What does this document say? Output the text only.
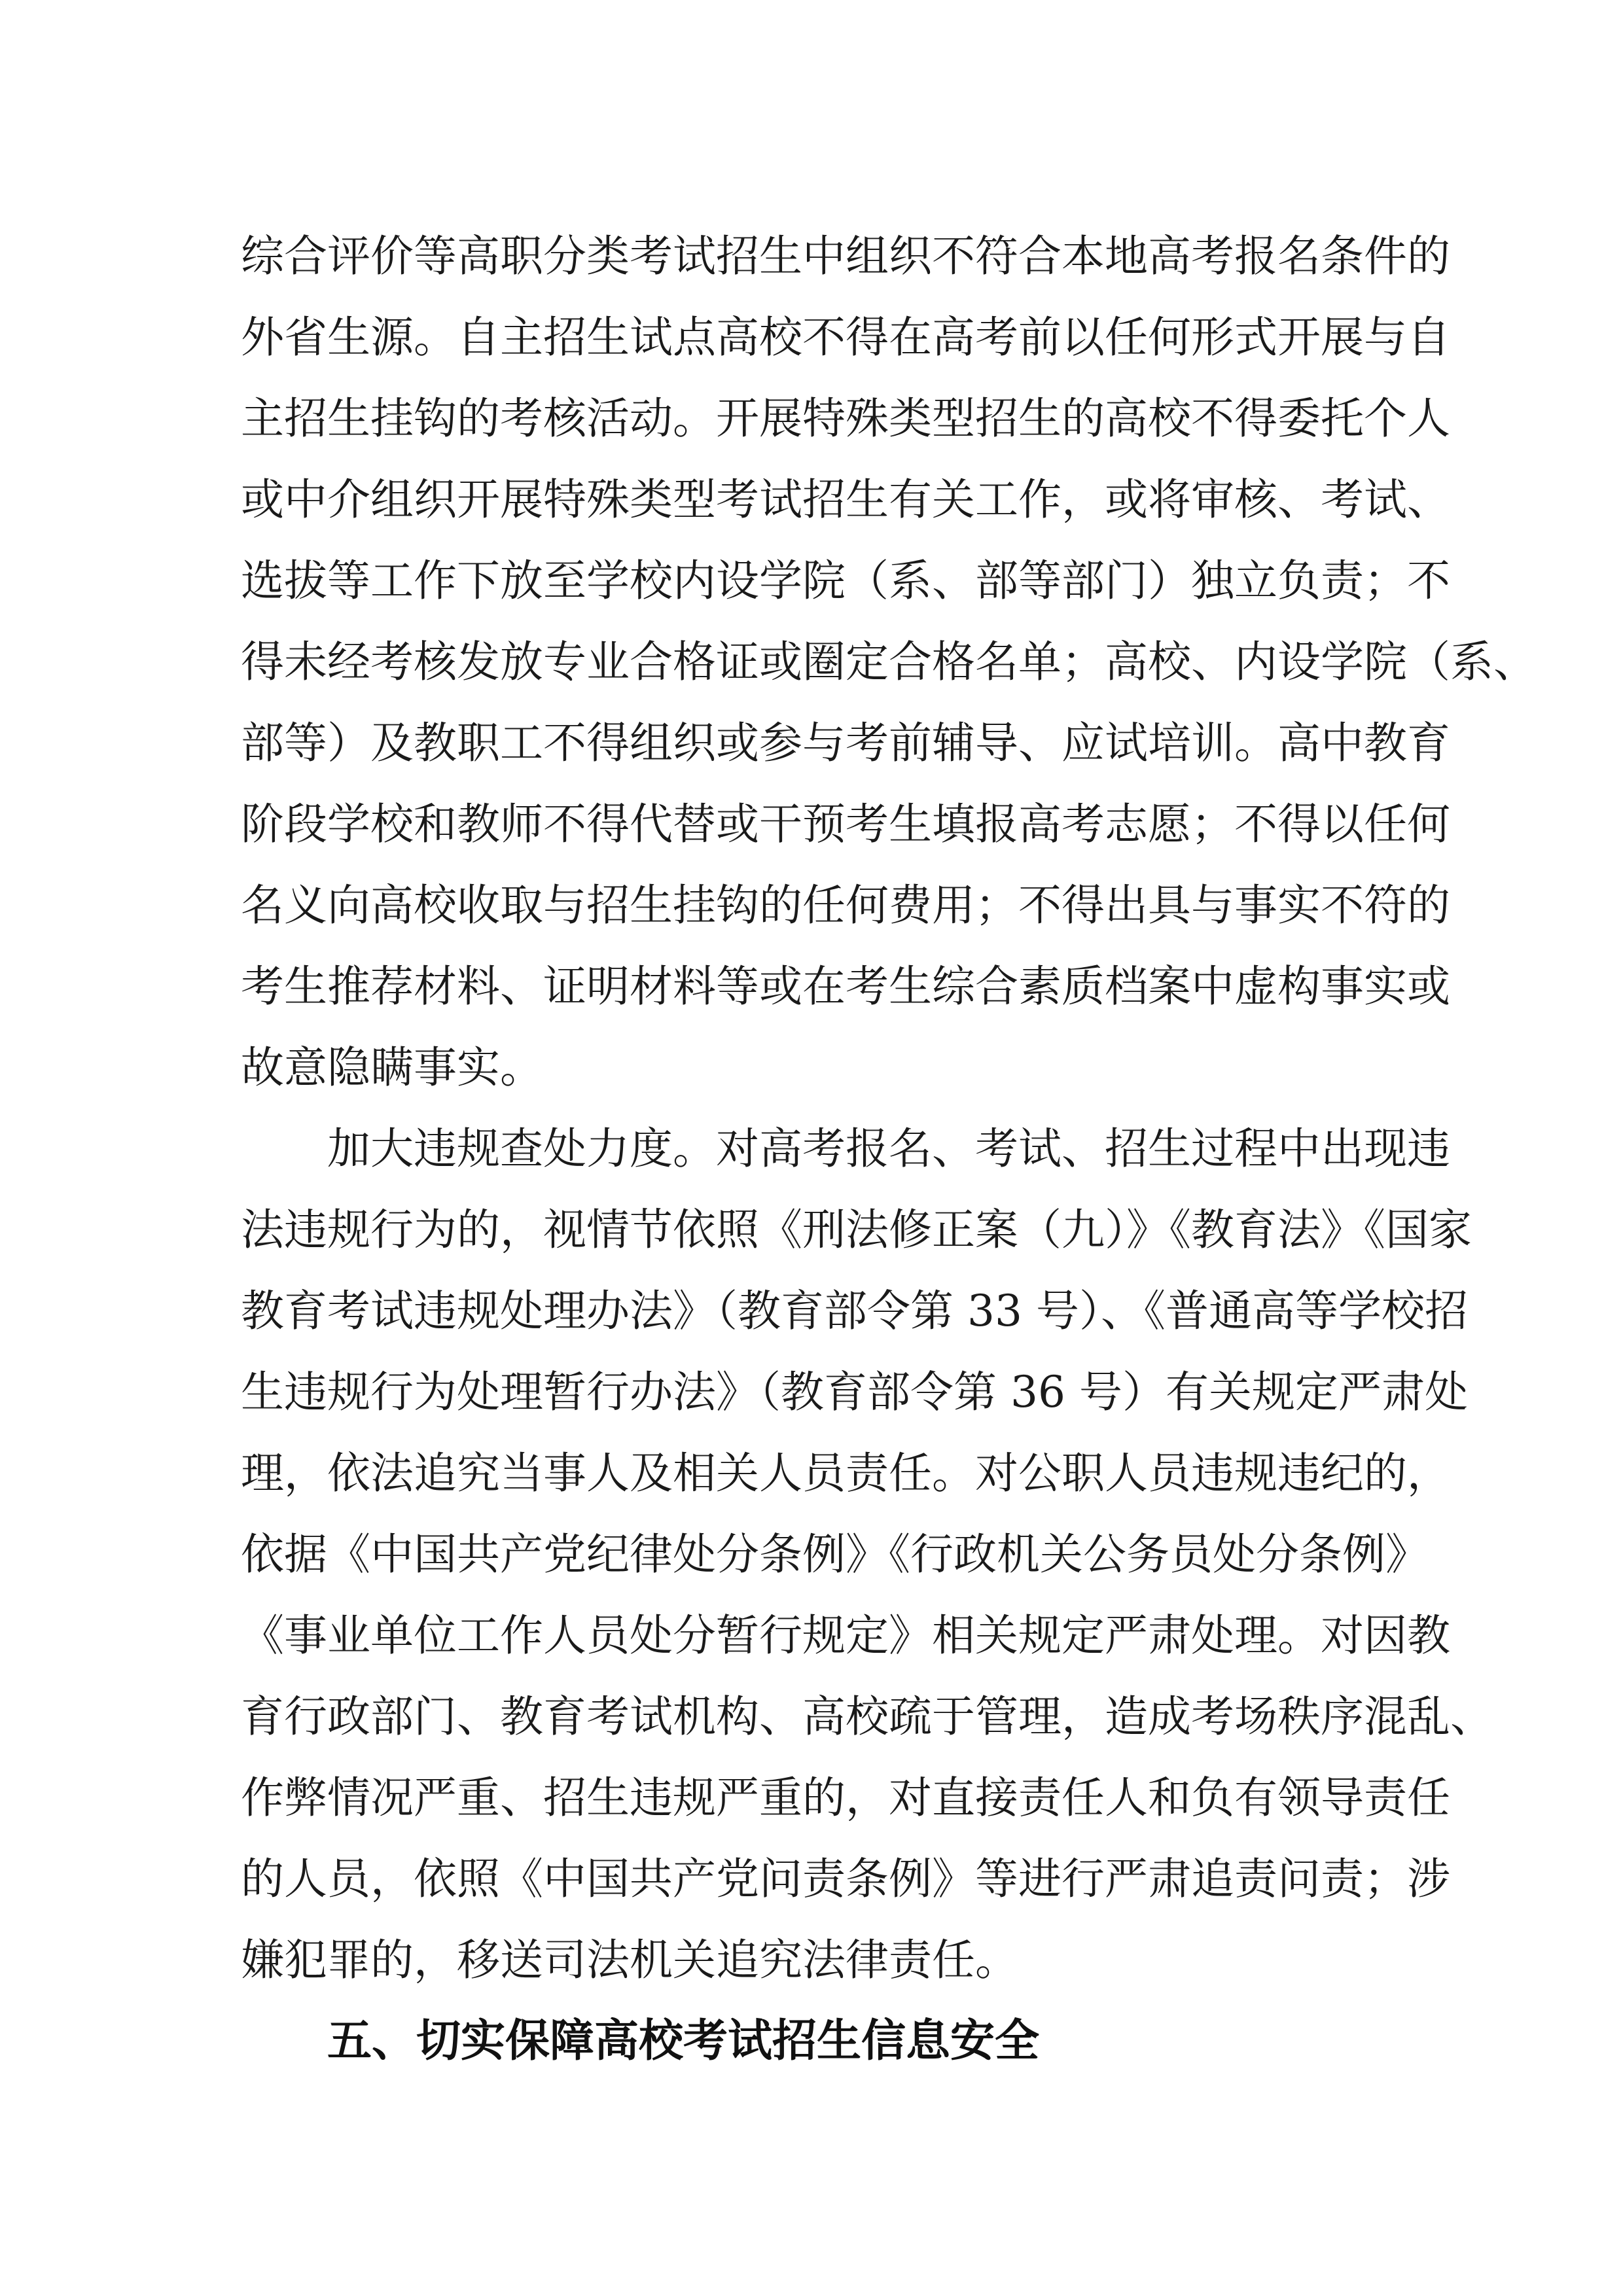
综合评价等高职分类考试招生中组织不符合本地高考报名条件的
外省生源。自主招生试点高校不得在高考前以任何形式开展与自
主招生挂钩的考核活动。开展特殊类型招生的高校不得委托个人
或中介组织开展特殊类型考试招生有关工作，或将审核、考试、
选拔等工作下放至学校内设学院（系、部等部门）独立负责；不
得未经考核发放专业合格证或圈定合格名单；高校、内设学院（系、
部等）及教职工不得组织或参与考前辅导、应试培训。高中教育
阶段学校和教师不得代替或干预考生填报高考志愿；不得以任何
名义向高校收取与招生挂钩的任何费用；不得出具与事实不符的
考生推荐材料、证明材料等或在考生综合素质档案中虚构事实或
故意隐瞒事实。
加大违规查处力度。对高考报名、考试、招生过程中出现违
法违规行为的，视情节依照《刑法修正案（九）》《教育法》《国家
教育考试违规处理办法》（教育部令第 33 号）、《普通高等学校招
生违规行为处理暂行办法》（教育部令第 36 号）有关规定严肃处
理，依法追究当事人及相关人员责任。对公职人员违规违纪的，
依据《中国共产党纪律处分条例》《行政机关公务员处分条例》
《事业单位工作人员处分暂行规定》相关规定严肃处理。对因教
育行政部门、教育考试机构、高校疏于管理，造成考场秩序混乱、
作弊情况严重、招生违规严重的，对直接责任人和负有领导责任
的人员，依照《中国共产党问责条例》等进行严肃追责问责；涉
嫌犯罪的，移送司法机关追究法律责任。
五、切实保障高校考试招生信息安全
